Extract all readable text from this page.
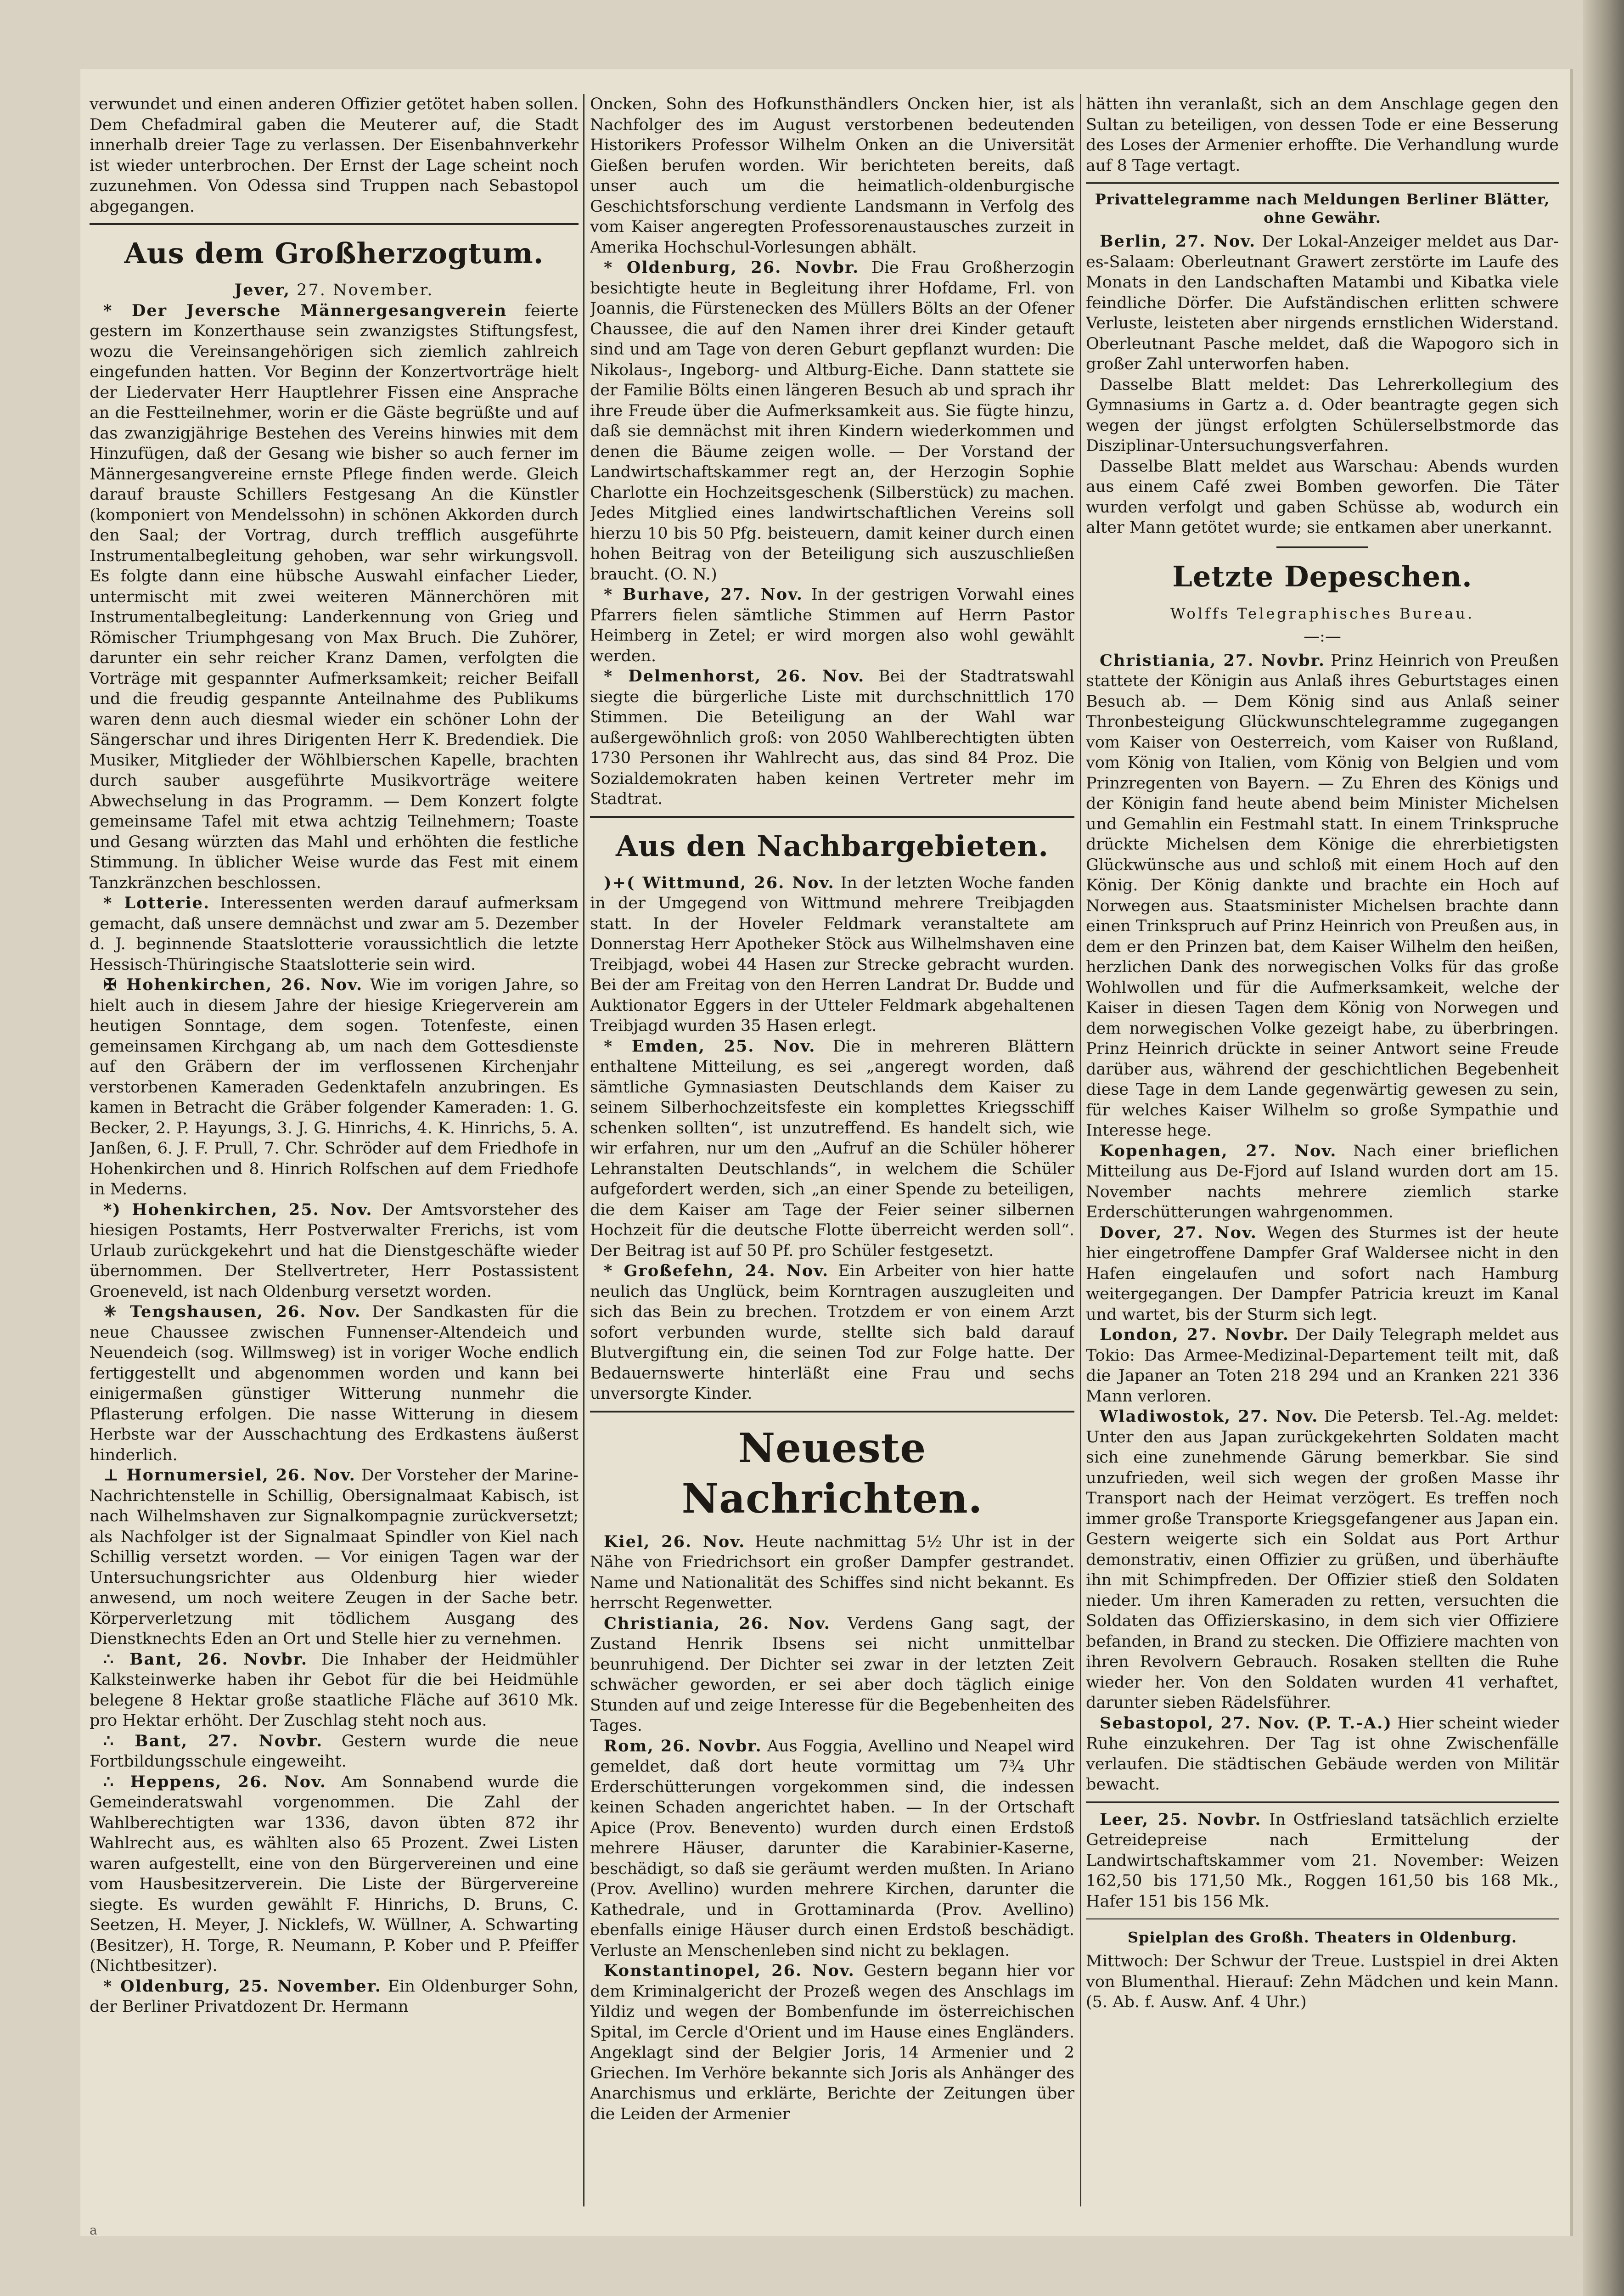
verwundet und einen anderen Offizier getötet haben sollen. Dem Chefadmiral gaben die Meuterer auf, die Stadt innerhalb dreier Tage zu verlassen. Der Eisenbahnverkehr ist wieder unterbrochen. Der Ernst der Lage scheint noch zuzunehmen. Von Odessa sind Truppen nach Sebastopol abgegangen.

Aus dem Großherzogtum.
Jever, 27. November.

* Der Jeversche Männergesangverein feierte gestern im Konzerthause sein zwanzigstes Stiftungsfest, wozu die Vereinsangehörigen sich ziemlich zahlreich eingefunden hatten. Vor Beginn der Konzertvorträge hielt der Liedervater Herr Hauptlehrer Fissen eine Ansprache an die Festteilnehmer, worin er die Gäste begrüßte und auf das zwanzigjährige Bestehen des Vereins hinwies mit dem Hinzufügen, daß der Gesang wie bisher so auch ferner im Männergesangvereine ernste Pflege finden werde. Gleich darauf brauste Schillers Festgesang An die Künstler (komponiert von Mendelssohn) in schönen Akkorden durch den Saal; der Vortrag, durch trefflich ausgeführte Instrumentalbegleitung gehoben, war sehr wirkungsvoll. Es folgte dann eine hübsche Auswahl einfacher Lieder, untermischt mit zwei weiteren Männerchören mit Instrumentalbegleitung: Landerkennung von Grieg und Römischer Triumphgesang von Max Bruch. Die Zuhörer, darunter ein sehr reicher Kranz Damen, verfolgten die Vorträge mit gespannter Aufmerksamkeit; reicher Beifall und die freudig gespannte Anteilnahme des Publikums waren denn auch diesmal wieder ein schöner Lohn der Sängerschar und ihres Dirigenten Herr K. Bredendiek. Die Musiker, Mitglieder der Wöhlbierschen Kapelle, brachten durch sauber ausgeführte Musikvorträge weitere Abwechselung in das Programm. — Dem Konzert folgte gemeinsame Tafel mit etwa achtzig Teilnehmern; Toaste und Gesang würzten das Mahl und erhöhten die festliche Stimmung. In üblicher Weise wurde das Fest mit einem Tanzkränzchen beschlossen.

* Lotterie. Interessenten werden darauf aufmerksam gemacht, daß unsere demnächst und zwar am 5. Dezember d. J. beginnende Staatslotterie voraussichtlich die letzte Hessisch-Thüringische Staatslotterie sein wird.

✠ Hohenkirchen, 26. Nov. Wie im vorigen Jahre, so hielt auch in diesem Jahre der hiesige Kriegerverein am heutigen Sonntage, dem sogen. Totenfeste, einen gemeinsamen Kirchgang ab, um nach dem Gottesdienste auf den Gräbern der im verflossenen Kirchenjahr verstorbenen Kameraden Gedenktafeln anzubringen. Es kamen in Betracht die Gräber folgender Kameraden: 1. G. Becker, 2. P. Hayungs, 3. J. G. Hinrichs, 4. K. Hinrichs, 5. A. Janßen, 6. J. F. Prull, 7. Chr. Schröder auf dem Friedhofe in Hohenkirchen und 8. Hinrich Rolfschen auf dem Friedhofe in Mederns.

*) Hohenkirchen, 25. Nov. Der Amtsvorsteher des hiesigen Postamts, Herr Postverwalter Frerichs, ist vom Urlaub zurückgekehrt und hat die Dienstgeschäfte wieder übernommen. Der Stellvertreter, Herr Postassistent Groeneveld, ist nach Oldenburg versetzt worden.

✳ Tengshausen, 26. Nov. Der Sandkasten für die neue Chaussee zwischen Funnenser-Altendeich und Neuendeich (sog. Willmsweg) ist in voriger Woche endlich fertiggestellt und abgenommen worden und kann bei einigermaßen günstiger Witterung nunmehr die Pflasterung erfolgen. Die nasse Witterung in diesem Herbste war der Ausschachtung des Erdkastens äußerst hinderlich.

⊥ Hornumersiel, 26. Nov. Der Vorsteher der Marine-Nachrichtenstelle in Schillig, Obersignalmaat Kabisch, ist nach Wilhelmshaven zur Signalkompagnie zurückversetzt; als Nachfolger ist der Signalmaat Spindler von Kiel nach Schillig versetzt worden. — Vor einigen Tagen war der Untersuchungsrichter aus Oldenburg hier wieder anwesend, um noch weitere Zeugen in der Sache betr. Körperverletzung mit tödlichem Ausgang des Dienstknechts Eden an Ort und Stelle hier zu vernehmen.

∴ Bant, 26. Novbr. Die Inhaber der Heidmühler Kalksteinwerke haben ihr Gebot für die bei Heidmühle belegene 8 Hektar große staatliche Fläche auf 3610 Mk. pro Hektar erhöht. Der Zuschlag steht noch aus.

∴ Bant, 27. Novbr. Gestern wurde die neue Fortbildungsschule eingeweiht.

∴ Heppens, 26. Nov. Am Sonnabend wurde die Gemeinderatswahl vorgenommen. Die Zahl der Wahlberechtigten war 1336, davon übten 872 ihr Wahlrecht aus, es wählten also 65 Prozent. Zwei Listen waren aufgestellt, eine von den Bürgervereinen und eine vom Hausbesitzerverein. Die Liste der Bürgervereine siegte. Es wurden gewählt F. Hinrichs, D. Bruns, C. Seetzen, H. Meyer, J. Nicklefs, W. Wüllner, A. Schwarting (Besitzer), H. Torge, R. Neumann, P. Kober und P. Pfeiffer (Nichtbesitzer).

* Oldenburg, 25. November. Ein Oldenburger Sohn, der Berliner Privatdozent Dr. Hermann

Oncken, Sohn des Hofkunsthändlers Oncken hier, ist als Nachfolger des im August verstorbenen bedeutenden Historikers Professor Wilhelm Onken an die Universität Gießen berufen worden. Wir berichteten bereits, daß unser auch um die heimatlich-oldenburgische Geschichtsforschung verdiente Landsmann in Verfolg des vom Kaiser angeregten Professorenaustausches zurzeit in Amerika Hochschul-Vorlesungen abhält.

* Oldenburg, 26. Novbr. Die Frau Großherzogin besichtigte heute in Begleitung ihrer Hofdame, Frl. von Joannis, die Fürstenecken des Müllers Bölts an der Ofener Chaussee, die auf den Namen ihrer drei Kinder getauft sind und am Tage von deren Geburt gepflanzt wurden: Die Nikolaus-, Ingeborg- und Altburg-Eiche. Dann stattete sie der Familie Bölts einen längeren Besuch ab und sprach ihr ihre Freude über die Aufmerksamkeit aus. Sie fügte hinzu, daß sie demnächst mit ihren Kindern wiederkommen und denen die Bäume zeigen wolle. — Der Vorstand der Landwirtschaftskammer regt an, der Herzogin Sophie Charlotte ein Hochzeitsgeschenk (Silberstück) zu machen. Jedes Mitglied eines landwirtschaftlichen Vereins soll hierzu 10 bis 50 Pfg. beisteuern, damit keiner durch einen hohen Beitrag von der Beteiligung sich auszuschließen braucht. (O. N.)

* Burhave, 27. Nov. In der gestrigen Vorwahl eines Pfarrers fielen sämtliche Stimmen auf Herrn Pastor Heimberg in Zetel; er wird morgen also wohl gewählt werden.

* Delmenhorst, 26. Nov. Bei der Stadtratswahl siegte die bürgerliche Liste mit durchschnittlich 170 Stimmen. Die Beteiligung an der Wahl war außergewöhnlich groß: von 2050 Wahlberechtigten übten 1730 Personen ihr Wahlrecht aus, das sind 84 Proz. Die Sozialdemokraten haben keinen Vertreter mehr im Stadtrat.

Aus den Nachbargebieten.

)+( Wittmund, 26. Nov. In der letzten Woche fanden in der Umgegend von Wittmund mehrere Treibjagden statt. In der Hoveler Feldmark veranstaltete am Donnerstag Herr Apotheker Stöck aus Wilhelmshaven eine Treibjagd, wobei 44 Hasen zur Strecke gebracht wurden. Bei der am Freitag von den Herren Landrat Dr. Budde und Auktionator Eggers in der Utteler Feldmark abgehaltenen Treibjagd wurden 35 Hasen erlegt.

* Emden, 25. Nov. Die in mehreren Blättern enthaltene Mitteilung, es sei „angeregt worden, daß sämtliche Gymnasiasten Deutschlands dem Kaiser zu seinem Silberhochzeitsfeste ein komplettes Kriegsschiff schenken sollten“, ist unzutreffend. Es handelt sich, wie wir erfahren, nur um den „Aufruf an die Schüler höherer Lehranstalten Deutschlands“, in welchem die Schüler aufgefordert werden, sich „an einer Spende zu beteiligen, die dem Kaiser am Tage der Feier seiner silbernen Hochzeit für die deutsche Flotte überreicht werden soll“. Der Beitrag ist auf 50 Pf. pro Schüler festgesetzt.

* Großefehn, 24. Nov. Ein Arbeiter von hier hatte neulich das Unglück, beim Korntragen auszugleiten und sich das Bein zu brechen. Trotzdem er von einem Arzt sofort verbunden wurde, stellte sich bald darauf Blutvergiftung ein, die seinen Tod zur Folge hatte. Der Bedauernswerte hinterläßt eine Frau und sechs unversorgte Kinder.

Neueste Nachrichten.

Kiel, 26. Nov. Heute nachmittag 5½ Uhr ist in der Nähe von Friedrichsort ein großer Dampfer gestrandet. Name und Nationalität des Schiffes sind nicht bekannt. Es herrscht Regenwetter.

Christiania, 26. Nov. Verdens Gang sagt, der Zustand Henrik Ibsens sei nicht unmittelbar beunruhigend. Der Dichter sei zwar in der letzten Zeit schwächer geworden, er sei aber doch täglich einige Stunden auf und zeige Interesse für die Begebenheiten des Tages.

Rom, 26. Novbr. Aus Foggia, Avellino und Neapel wird gemeldet, daß dort heute vormittag um 7¾ Uhr Erderschütterungen vorgekommen sind, die indessen keinen Schaden angerichtet haben. — In der Ortschaft Apice (Prov. Benevento) wurden durch einen Erdstoß mehrere Häuser, darunter die Karabinier-Kaserne, beschädigt, so daß sie geräumt werden mußten. In Ariano (Prov. Avellino) wurden mehrere Kirchen, darunter die Kathedrale, und in Grottaminarda (Prov. Avellino) ebenfalls einige Häuser durch einen Erdstoß beschädigt. Verluste an Menschenleben sind nicht zu beklagen.

Konstantinopel, 26. Nov. Gestern begann hier vor dem Kriminalgericht der Prozeß wegen des Anschlags im Yildiz und wegen der Bombenfunde im österreichischen Spital, im Cercle d'Orient und im Hause eines Engländers. Angeklagt sind der Belgier Joris, 14 Armenier und 2 Griechen. Im Verhöre bekannte sich Joris als Anhänger des Anarchismus und erklärte, Berichte der Zeitungen über die Leiden der Armenier

hätten ihn veranlaßt, sich an dem Anschlage gegen den Sultan zu beteiligen, von dessen Tode er eine Besserung des Loses der Armenier erhoffte. Die Verhandlung wurde auf 8 Tage vertagt.

Privattelegramme nach Meldungen Berliner Blätter, ohne Gewähr.

Berlin, 27. Nov. Der Lokal-Anzeiger meldet aus Dar-es-Salaam: Oberleutnant Grawert zerstörte im Laufe des Monats in den Landschaften Matambi und Kibatka viele feindliche Dörfer. Die Aufständischen erlitten schwere Verluste, leisteten aber nirgends ernstlichen Widerstand. Oberleutnant Pasche meldet, daß die Wapogoro sich in großer Zahl unterworfen haben.

Dasselbe Blatt meldet: Das Lehrerkollegium des Gymnasiums in Gartz a. d. Oder beantragte gegen sich wegen der jüngst erfolgten Schülerselbstmorde das Disziplinar-Untersuchungsverfahren.

Dasselbe Blatt meldet aus Warschau: Abends wurden aus einem Café zwei Bomben geworfen. Die Täter wurden verfolgt und gaben Schüsse ab, wodurch ein alter Mann getötet wurde; sie entkamen aber unerkannt.

Letzte Depeschen.
Wolffs Telegraphisches Bureau.
—:—

Christiania, 27. Novbr. Prinz Heinrich von Preußen stattete der Königin aus Anlaß ihres Geburtstages einen Besuch ab. — Dem König sind aus Anlaß seiner Thronbesteigung Glückwunschtelegramme zugegangen vom Kaiser von Oesterreich, vom Kaiser von Rußland, vom König von Italien, vom König von Belgien und vom Prinzregenten von Bayern. — Zu Ehren des Königs und der Königin fand heute abend beim Minister Michelsen und Gemahlin ein Festmahl statt. In einem Trinkspruche drückte Michelsen dem Könige die ehrerbietigsten Glückwünsche aus und schloß mit einem Hoch auf den König. Der König dankte und brachte ein Hoch auf Norwegen aus. Staatsminister Michelsen brachte dann einen Trinkspruch auf Prinz Heinrich von Preußen aus, in dem er den Prinzen bat, dem Kaiser Wilhelm den heißen, herzlichen Dank des norwegischen Volks für das große Wohlwollen und für die Aufmerksamkeit, welche der Kaiser in diesen Tagen dem König von Norwegen und dem norwegischen Volke gezeigt habe, zu überbringen. Prinz Heinrich drückte in seiner Antwort seine Freude darüber aus, während der geschichtlichen Begebenheit diese Tage in dem Lande gegenwärtig gewesen zu sein, für welches Kaiser Wilhelm so große Sympathie und Interesse hege.

Kopenhagen, 27. Nov. Nach einer brieflichen Mitteilung aus De-Fjord auf Island wurden dort am 15. November nachts mehrere ziemlich starke Erderschütterungen wahrgenommen.

Dover, 27. Nov. Wegen des Sturmes ist der heute hier eingetroffene Dampfer Graf Waldersee nicht in den Hafen eingelaufen und sofort nach Hamburg weitergegangen. Der Dampfer Patricia kreuzt im Kanal und wartet, bis der Sturm sich legt.

London, 27. Novbr. Der Daily Telegraph meldet aus Tokio: Das Armee-Medizinal-Departement teilt mit, daß die Japaner an Toten 218 294 und an Kranken 221 336 Mann verloren.

Wladiwostok, 27. Nov. Die Petersb. Tel.-Ag. meldet: Unter den aus Japan zurückgekehrten Soldaten macht sich eine zunehmende Gärung bemerkbar. Sie sind unzufrieden, weil sich wegen der großen Masse ihr Transport nach der Heimat verzögert. Es treffen noch immer große Transporte Kriegsgefangener aus Japan ein. Gestern weigerte sich ein Soldat aus Port Arthur demonstrativ, einen Offizier zu grüßen, und überhäufte ihn mit Schimpfreden. Der Offizier stieß den Soldaten nieder. Um ihren Kameraden zu retten, versuchten die Soldaten das Offizierskasino, in dem sich vier Offiziere befanden, in Brand zu stecken. Die Offiziere machten von ihren Revolvern Gebrauch. Rosaken stellten die Ruhe wieder her. Von den Soldaten wurden 41 verhaftet, darunter sieben Rädelsführer.

Sebastopol, 27. Nov. (P. T.-A.) Hier scheint wieder Ruhe einzukehren. Der Tag ist ohne Zwischenfälle verlaufen. Die städtischen Gebäude werden von Militär bewacht.

Leer, 25. Novbr. In Ostfriesland tatsächlich erzielte Getreidepreise nach Ermittelung der Landwirtschaftskammer vom 21. November: Weizen 162,50 bis 171,50 Mk., Roggen 161,50 bis 168 Mk., Hafer 151 bis 156 Mk.

Spielplan des Großh. Theaters in Oldenburg.

Mittwoch: Der Schwur der Treue. Lustspiel in drei Akten von Blumenthal. Hierauf: Zehn Mädchen und kein Mann. (5. Ab. f. Ausw. Anf. 4 Uhr.)

a
